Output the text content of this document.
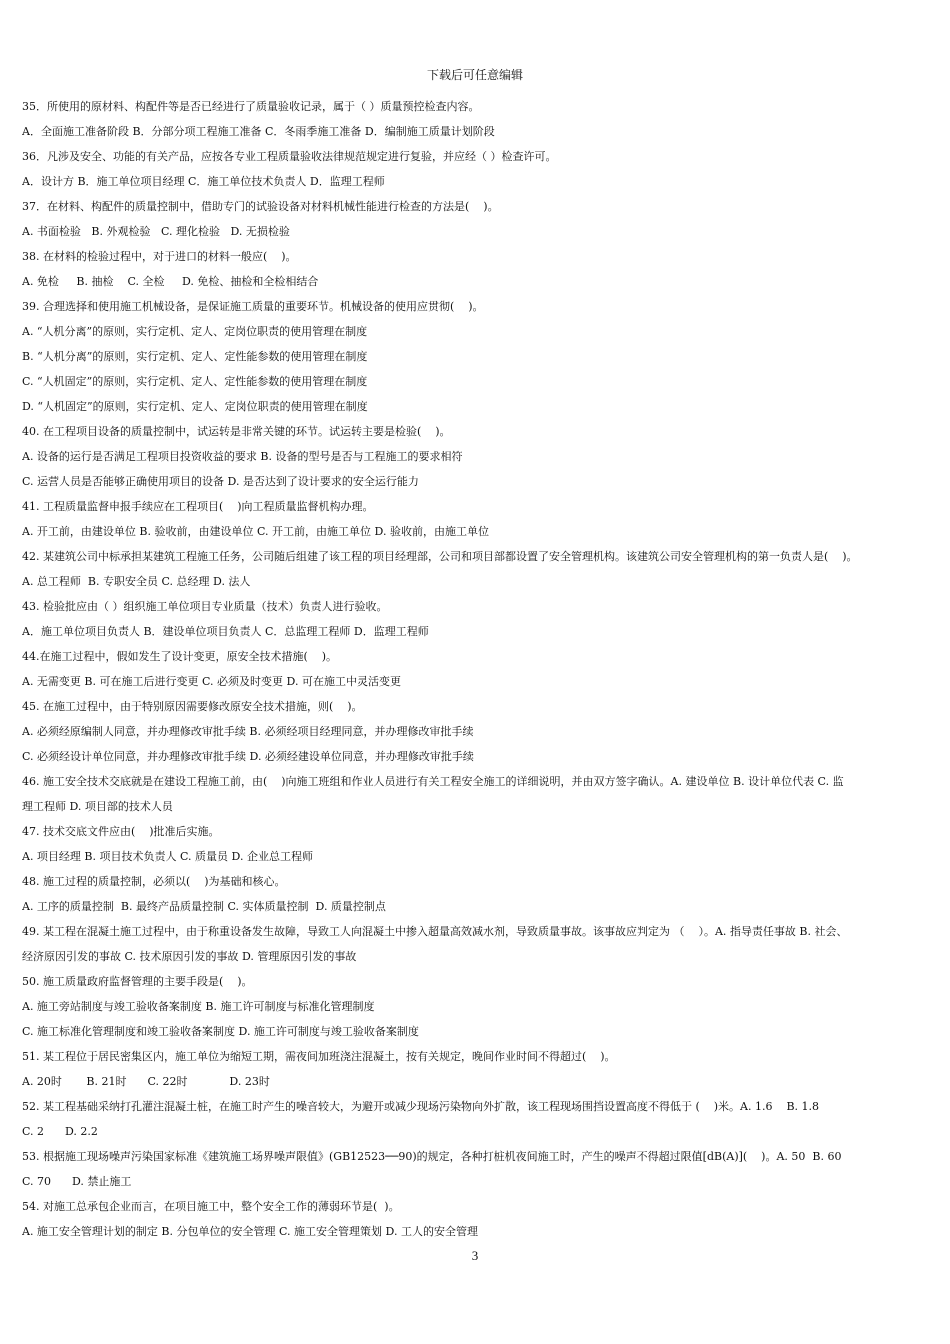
下载后可任意编辑
35．所使用的原材料、构配件等是否已经进行了质量验收记录，属于（ ）质量预控检查内容。
A．全面施工准备阶段 B．分部分项工程施工准备 C．冬雨季施工准备 D．编制施工质量计划阶段
36．凡涉及安全、功能的有关产品，应按各专业工程质量验收法律规范规定进行复验，并应经（ ）检查许可。
A．设计方 B．施工单位项目经理 C．施工单位技术负责人 D．监理工程师
37．在材料、构配件的质量控制中，借助专门的试验设备对材料机械性能进行检查的方法是(    )。
A. 书面检验   B. 外观检验   C. 理化检验   D. 无损检验
38. 在材料的检验过程中，对于进口的材料一般应(    )。
A. 免检     B. 抽检    C. 全检     D. 免检、抽检和全检相结合
39. 合理选择和使用施工机械设备，是保证施工质量的重要环节。机械设备的使用应贯彻(    )。
A. “人机分离”的原则，实行定机、定人、定岗位职责的使用管理在制度
B. “人机分离”的原则，实行定机、定人、定性能参数的使用管理在制度
C. “人机固定”的原则，实行定机、定人、定性能参数的使用管理在制度
D. “人机固定”的原则，实行定机、定人、定岗位职责的使用管理在制度
40. 在工程项目设备的质量控制中，试运转是非常关键的环节。试运转主要是检验(    )。
A. 设备的运行是否满足工程项目投资收益的要求 B. 设备的型号是否与工程施工的要求相符
C. 运营人员是否能够正确使用项目的设备 D. 是否达到了设计要求的安全运行能力
41. 工程质量监督申报手续应在工程项目(    )向工程质量监督机构办理。
A. 开工前，由建设单位 B. 验收前，由建设单位 C. 开工前，由施工单位 D. 验收前，由施工单位
42. 某建筑公司中标承担某建筑工程施工任务，公司随后组建了该工程的项目经理部，公司和项目部都设置了安全管理机构。该建筑公司安全管理机构的第一负责人是(    )。
A. 总工程师  B. 专职安全员 C. 总经理 D. 法人
43. 检验批应由（ ）组织施工单位项目专业质量（技术）负责人进行验收。
A．施工单位项目负责人 B．建设单位项目负责人 C．总监理工程师 D．监理工程师
44.在施工过程中，假如发生了设计变更，原安全技术措施(    )。
A. 无需变更 B. 可在施工后进行变更 C. 必须及时变更 D. 可在施工中灵活变更
45. 在施工过程中，由于特别原因需要修改原安全技术措施，则(    )。
A. 必须经原编制人同意，并办理修改审批手续 B. 必须经项目经理同意，并办理修改审批手续
C. 必须经设计单位同意，并办理修改审批手续 D. 必须经建设单位同意，并办理修改审批手续
46. 施工安全技术交底就是在建设工程施工前，由(    )向施工班组和作业人员进行有关工程安全施工的详细说明，并由双方签字确认。A. 建设单位 B. 设计单位代表 C. 监
理工程师 D. 项目部的技术人员
47. 技术交底文件应由(    )批准后实施。
A. 项目经理 B. 项目技术负责人 C. 质量员 D. 企业总工程师
48. 施工过程的质量控制，必须以(    )为基础和核心。
A. 工序的质量控制  B. 最终产品质量控制 C. 实体质量控制  D. 质量控制点
49. 某工程在混凝土施工过程中，由于称重设备发生故障，导致工人向混凝土中掺入超量高效减水剂，导致质量事故。该事故应判定为 （    ）。A. 指导责任事故 B. 社会、
经济原因引发的事故 C. 技术原因引发的事故 D. 管理原因引发的事故
50. 施工质量政府监督管理的主要手段是(    )。
A. 施工旁站制度与竣工验收备案制度 B. 施工许可制度与标准化管理制度
C. 施工标准化管理制度和竣工验收备案制度 D. 施工许可制度与竣工验收备案制度
51. 某工程位于居民密集区内，施工单位为缩短工期，需夜间加班浇注混凝土，按有关规定，晚间作业时间不得超过(    )。
A. 20时       B. 21时      C. 22时            D. 23时
52. 某工程基础采纳打孔灌注混凝土桩，在施工时产生的噪音较大，为避开或减少现场污染物向外扩散，该工程现场围挡设置高度不得低于 (    )米。A. 1.6    B. 1.8
C. 2      D. 2.2
53. 根据施工现场噪声污染国家标准《建筑施工场界噪声限值》(GB12523──90)的规定，各种打桩机夜间施工时，产生的噪声不得超过限值[dB(A)](    )。A. 50  B. 60
C. 70      D. 禁止施工
54. 对施工总承包企业而言，在项目施工中，整个安全工作的薄弱环节是(  )。
A. 施工安全管理计划的制定 B. 分包单位的安全管理 C. 施工安全管理策划 D. 工人的安全管理
3
